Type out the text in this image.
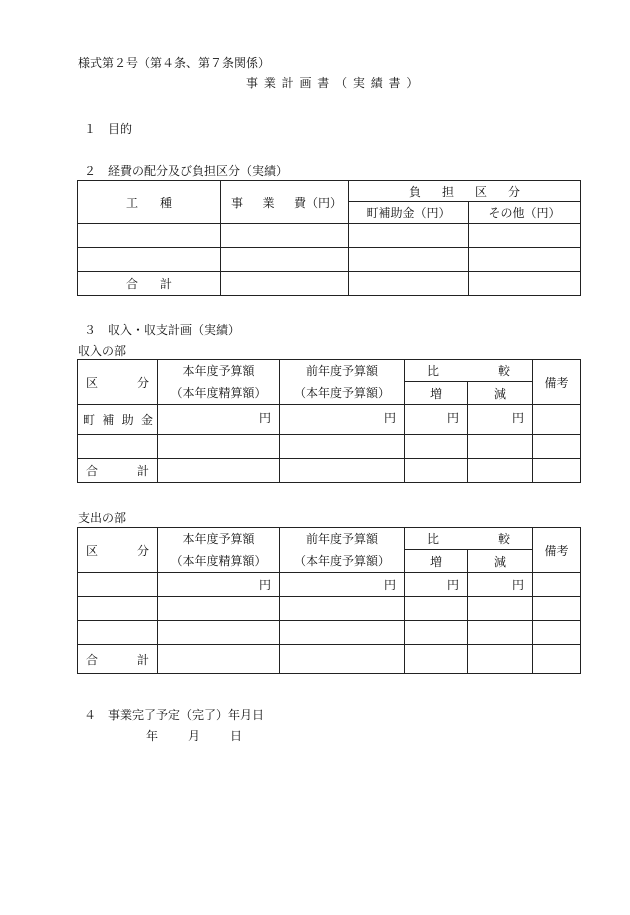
様式第２号（第４条、第７条関係）
事 業 計 画 書 （ 実 績 書 ）
１　目的
２　経費の配分及び負担区分（実績）
工 種	事 業 費（円）	負 担 区 分	

		町補助金（円）	その他（円）

合 計			

３　収入・収支計画（実績）
収入の部
区 分	本年度予算額	前年度予算額	比 較		備考
	（本年度精算額）	（本年度予算額）	増	減	

町 補 助 金	円	円	円	円	

合 計					

支出の部
区 分	本年度予算額	前年度予算額	比 較		備考
	（本年度精算額）	（本年度予算額）	増	減	
	円	円	円	円	

合 計					

４　事業完了予定（完了）年月日
年 月 日
